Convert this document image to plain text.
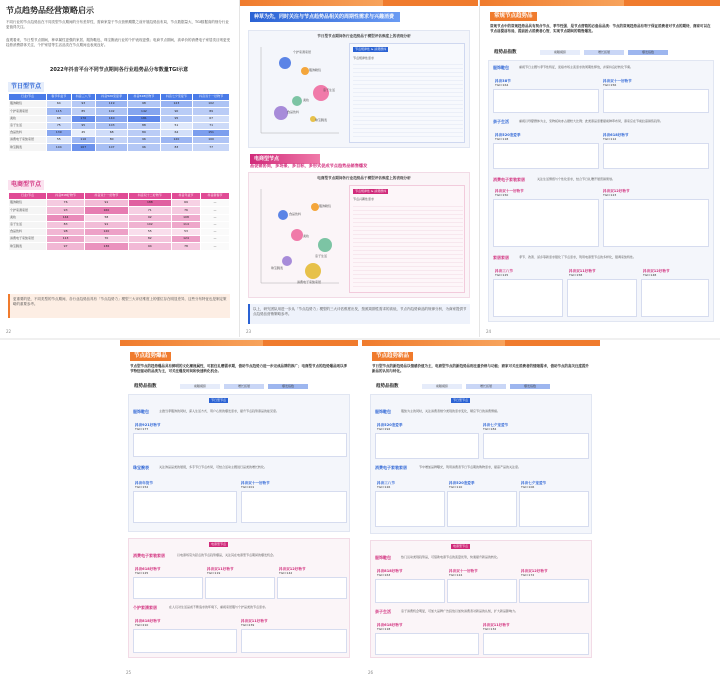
节点趋势品经营策略启示
不同行业的节点趋势品在不同类型节点期间的分布差异性，需商家鉴于节点营销期限之前开展趋势品布局，节点数据量大、TGI数据高的细分行业更值得关注。
盘观看来，节日型节点期间，种草属性更强的家居、服饰鞋包、珠宝腕表行业的个护表现更强；电商节点期间，高单价的消费电子家居类目则更受趋势消费群体关注，个护家居等生活品类在节点期间也表现良好。
2022年抖音平台不同节点期间各行业趋势品分布数量TGI示意
节日型节点
行业\节点	春节年货节	抖音三八节	抖音520宠爱季	抖音618好物节	抖音七夕宠爱节	抖音双十一好物节
服饰鞋包	64	93	119	98	123	102
个护家清家居	115	85	102	142	90	89
美妆	68	176	140	181	95	67
亲子生活	75	95	103	88	51	71
食品饮料	139	45	68	89	64	151
消费电子家装家居	55	116	80	96	120	100
珠宝腕表	104	167	107	96	83	77
电商型节点
行业\节点	抖音818好物节	抖音双十一好物节	抖音双十二好物节	抖音年货节	抖音新春节
服饰鞋包	76	91	188	69	—
个护家清家居	93	160	71	76	—
美妆	144	58	92	108	—
亲子生活	83	91	102	114	—
食品饮料	98	120	55	53	—
消费电子家装家居	113	70	82	124	—
珠宝腕表	97	136	94	78	—
更重要的是，不同类型的节点期间，各行业趋势品具有「节点趋势力」模型三大评估维度上的强位存在明显差异，这些分布特征也是制定策略的重要参考。
22
种草为先，同时关注与节点趋势品相关的周期性需求与兴趣消费
节日型节点期间各行业趋势品于模型评估维度上的表现分析
个护家清家居
服饰鞋包
亲子生活
美妆
食品饮料
珠宝腕表
节点规律性 & 消费群体
节点规律性需求
电商型节点
品促销协同，多场景、多目标，多形式促成节点趋势品销售爆发
电商型节点期间各行业趋势品于模型评估维度上的表现分析
食品饮料
服饰鞋包
美妆
亲子生活
珠宝腕表
消费电子家装家居
节点规律性 & 消费群体
节点兴趣性需求
以上，研究团队用进一步从「节点趋势力」模型的三大评估维度出发，按照周期性需求的高低，节点内趋势商品的规律分析，为商家提供节点趋势品营销策略参考。
23
常规节点趋势品
常规节点中的常规趋势品具有契合节点、季节性强、是节点营销的必备品品类：节点的常规趋势品有利于保证消费者对节点的期待，商家可以在节点前提前布局，提前抢占消费者心智，实现节点期间的销售爆发。
趋势品指数	前瞻模拟	增长拓展	爆发指数
服饰鞋包	重视节日主题与季节性特征，迎接市场主流需求的周期性释放，并保持良好转化节奏。
抖音38节
TGI=164
抖音双十一好物节
TGI=156
亲子生活	重视以母婴群体为主，宠物板块亦占据较大比例；此类商品需要提前种草布局，商家应在节前拉高销售趋势。
抖音520宠爱季
TGI=118
抖音618好物节
TGI=112
消费电子家装家居	关注生活情感与个性化需求，结合节日礼赠开展营销策划。
抖音双十一好物节
TGI=150
抖音双12好物节
TGI=123
家居家居	季节、改善、返乡等新需求强化了节点需求，利用电商型节点的多样化，强调家装特性。
抖音三八节
TGI=125
抖音双11好物节
TGI=158
抖音双12好物节
TGI=148
24
节点趋势爆品
节点型节点的趋势爆品具有鲜明的文化潮流属性，可抓住礼赠需求期，借助节点趋势力进一步完成品牌的推广；电商型节点的趋势爆品则以季节特征驱动的品类为主，可关注爆发时间和快速转化机会。
趋势品指数	前瞻模拟	增长拓展	爆发指数
节日型节点
服饰鞋包	主推当季服饰的同时，深入生活方式、用户心智的爆发需求，提升节点趋势商品的能见度。
抖音921好物节
TGI=177
珠宝腕表	关注饰品品类的展现，多手节日节点布局，可结合活动主题进行品类的增长转化。
抖音年货节
TGI=152
抖音双十一好物节
TGI=201
电商型节点
消费电子家装家居	以电商场景为起点的节点趋势爆品，关注其在电商型节点期间的爆发机会。
抖音618好物节
TGI=125
抖音双11好物节
TGI=119
抖音双12好物节
TGI=142
个护家清家居	在人们对生活品质不断追求的环境下，重视家居服与个护品类的节点需求。
抖音818好物节
TGI=210
抖音双11好物节
TGI=239
25
节点趋势新品
节日型节点的新趋势品以情感价值为主，电商型节点的新趋势品则注重价格与功能；商家可关注消费者的情绪需求，借助节点的高关注度提升新品的认知与转化。
趋势品指数	前瞻模拟	增长拓展	爆发指数
节日型节点
服饰鞋包	服装为主的同时，关注消费者细分类别的需求变化，顺应节日的消费情绪。
抖音520宠爱季
TGI=192
抖音七夕宠爱节
TGI=184
消费电子家装家居	节中增加品牌曝光，利用消费者节日节点期的购物需求，提高产品的关注度。
抖音三八节
TGI=126
抖音520宠爱季
TGI=110
抖音七夕宠爱节
TGI=106
电商型节点
服饰鞋包	热门运动类别趋势品，可借助电商节点的流量优势，快速提升新品的转化。
抖音818好物节
TGI=163
抖音双十一好物节
TGI=124
抖音双12好物节
TGI=172
亲子生活	亲子消费机会明显，可加大品牌广告投放以加快消费者对新品的认知，扩大新品影响力。
抖音618好物节
TGI=118
抖音双11好物节
TGI=132
26
